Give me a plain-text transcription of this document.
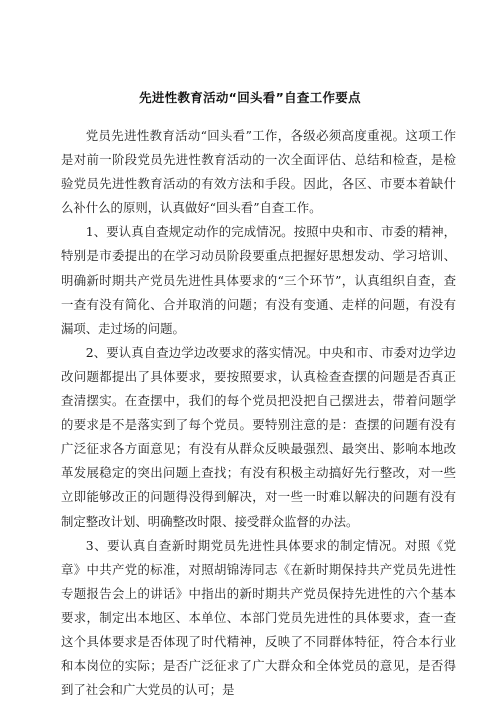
先进性教育活动“回头看”自查工作要点

党员先进性教育活动“回头看”工作，各级必须高度重视。这项工作是对前一阶段党员先进性教育活动的一次全面评估、总结和检查，是检验党员先进性教育活动的有效方法和手段。因此，各区、市要本着缺什么补什么的原则，认真做好“回头看”自查工作。

1、要认真自查规定动作的完成情况。按照中央和市、市委的精神，特别是市委提出的在学习动员阶段要重点把握好思想发动、学习培训、明确新时期共产党员先进性具体要求的“三个环节”，认真组织自查，查一查有没有简化、合并取消的问题；有没有变通、走样的问题，有没有漏项、走过场的问题。

2、要认真自查边学边改要求的落实情况。中央和市、市委对边学边改问题都提出了具体要求，要按照要求，认真检查查摆的问题是否真正查清摆实。在查摆中，我们的每个党员把没把自己摆进去，带着问题学的要求是不是落实到了每个党员。要特别注意的是：查摆的问题有没有广泛征求各方面意见；有没有从群众反映最强烈、最突出、影响本地改革发展稳定的突出问题上查找；有没有积极主动搞好先行整改，对一些立即能够改正的问题得没得到解决，对一些一时难以解决的问题有没有制定整改计划、明确整改时限、接受群众监督的办法。

3、要认真自查新时期党员先进性具体要求的制定情况。对照《党章》中共产党的标准，对照胡锦涛同志《在新时期保持共产党员先进性专题报告会上的讲话》中指出的新时期共产党员保持先进性的六个基本要求，制定出本地区、本单位、本部门党员先进性的具体要求，查一查这个具体要求是否体现了时代精神，反映了不同群体特征，符合本行业和本岗位的实际；是否广泛征求了广大群众和全体党员的意见，是否得到了社会和广大党员的认可；是
